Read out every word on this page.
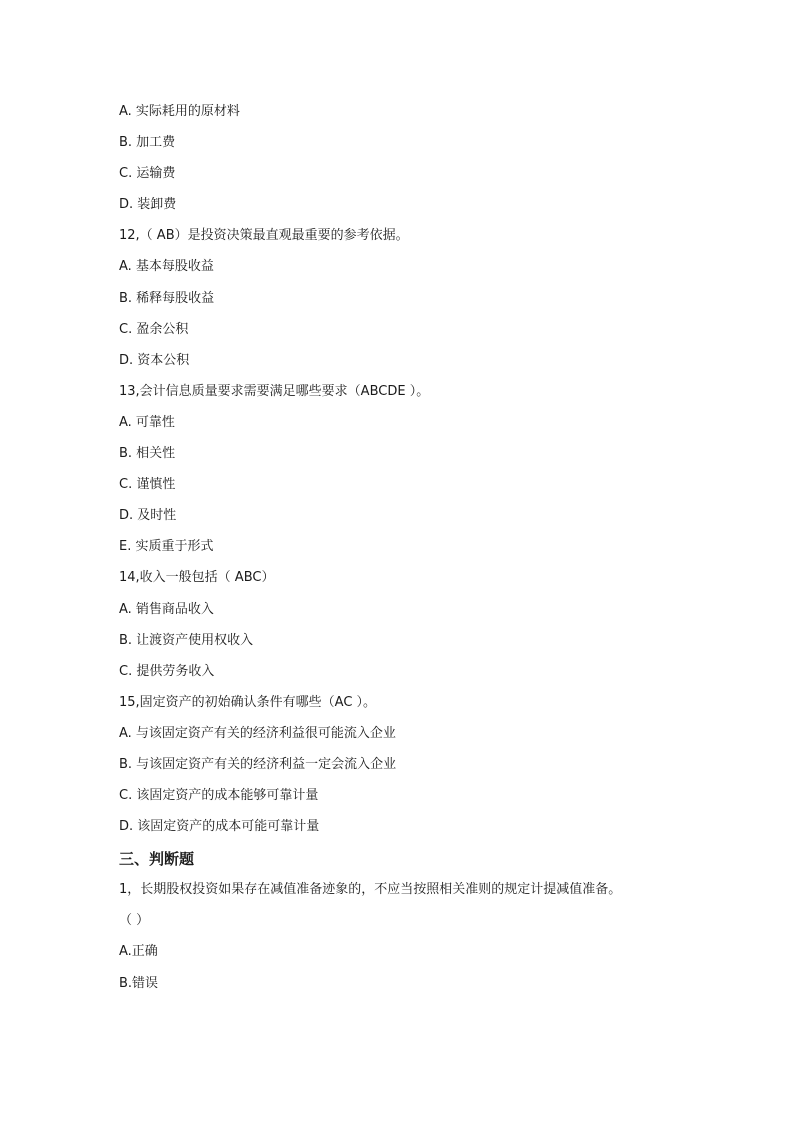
A. 实际耗用的原材料
B. 加工费
C. 运输费
D. 装卸费
12,（ AB）是投资决策最直观最重要的参考依据。
A. 基本每股收益
B. 稀释每股收益
C. 盈余公积
D. 资本公积
13,会计信息质量要求需要满足哪些要求（ABCDE ）。
A. 可靠性
B. 相关性
C. 谨慎性
D. 及时性
E. 实质重于形式
14,收入一般包括（ ABC）
A. 销售商品收入
B. 让渡资产使用权收入
C. 提供劳务收入
15,固定资产的初始确认条件有哪些（AC ）。
A. 与该固定资产有关的经济利益很可能流入企业
B. 与该固定资产有关的经济利益一定会流入企业
C. 该固定资产的成本能够可靠计量
D. 该固定资产的成本可能可靠计量
三、判断题
1，长期股权投资如果存在减值准备迹象的，不应当按照相关准则的规定计提减值准备。
（ ）
A.正确
B.错误
